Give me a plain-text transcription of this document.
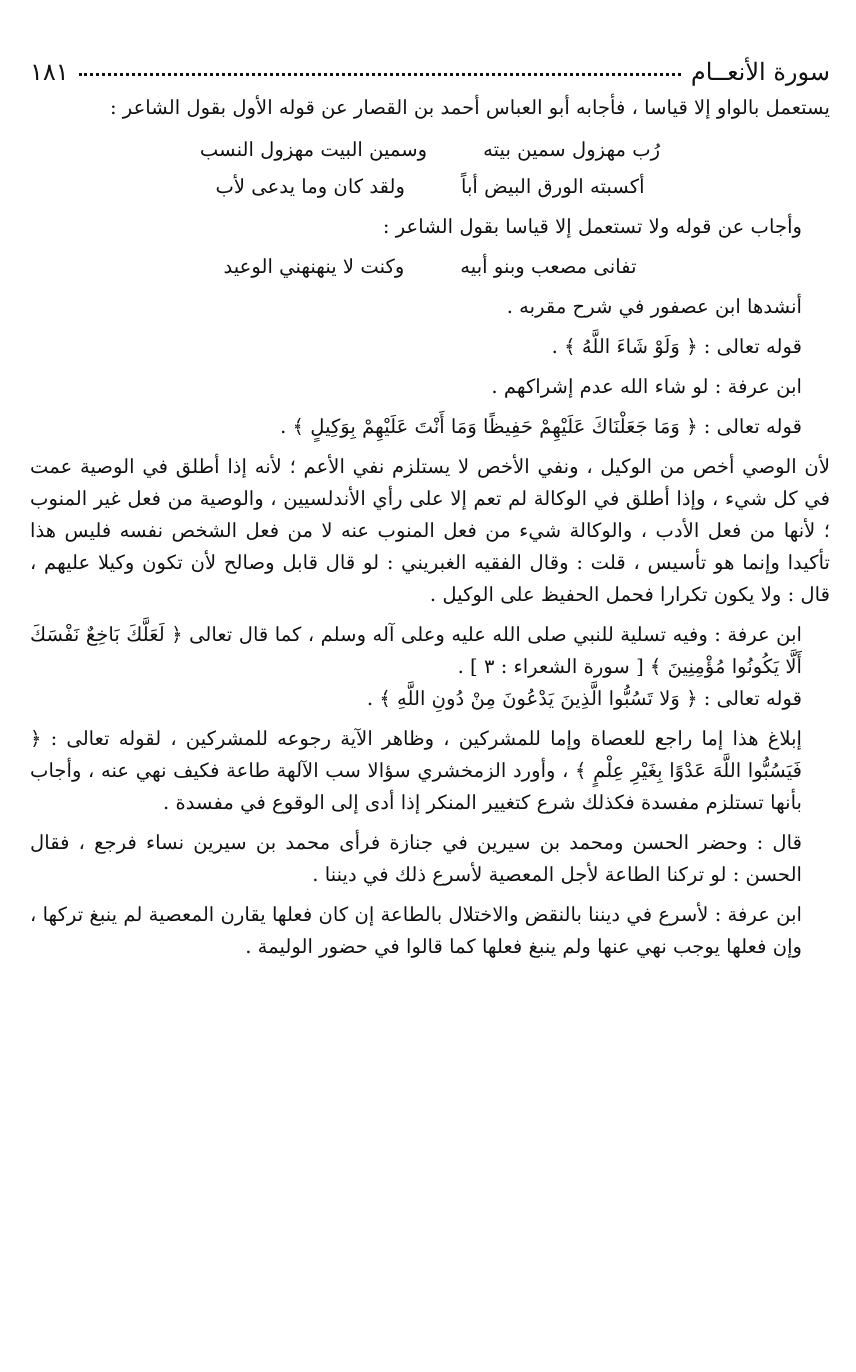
سورة الأنعــام
١٨١

يستعمل بالواو إلا قياسا ، فأجابه أبو العباس أحمد بن القصار عن قوله الأول بقول الشاعر :

رُب مهزول سمين بيته
وسمين البيت مهزول النسب
أكسبته الورق البيض أباً
ولقد كان وما يدعى لأب

وأجاب عن قوله ولا تستعمل إلا قياسا بقول الشاعر :

تفانى مصعب وبنو أبيه
وكنت لا ينهنهني الوعيد

أنشدها ابن عصفور في شرح مقربه .

قوله تعالى : ﴿ وَلَوْ شَاءَ اللَّهُ ﴾ .

ابن عرفة : لو شاء الله عدم إشراكهم .

قوله تعالى : ﴿ وَمَا جَعَلْنَاكَ عَلَيْهِمْ حَفِيظًا وَمَا أَنْتَ عَلَيْهِمْ بِوَكِيلٍ ﴾ .

لأن الوصي أخص من الوكيل ، ونفي الأخص لا يستلزم نفي الأعم ؛ لأنه إذا أطلق في الوصية عمت في كل شيء ، وإذا أطلق في الوكالة لم تعم إلا على رأي الأندلسيين ، والوصية من فعل غير المنوب ؛ لأنها من فعل الأدب ، والوكالة شيء من فعل المنوب عنه لا من فعل الشخص نفسه فليس هذا تأكيدا وإنما هو تأسيس ، قلت : وقال الفقيه الغبريني : لو قال قابل وصالح لأن تكون وكيلا عليهم ، قال : ولا يكون تكرارا فحمل الحفيظ على الوكيل .

ابن عرفة : وفيه تسلية للنبي صلى الله عليه وعلى آله وسلم ، كما قال تعالى ﴿ لَعَلَّكَ بَاخِعٌ نَفْسَكَ أَلَّا يَكُونُوا مُؤْمِنِينَ ﴾ [ سورة الشعراء : ٣ ] .

قوله تعالى : ﴿ وَلا تَسُبُّوا الَّذِينَ يَدْعُونَ مِنْ دُونِ اللَّهِ ﴾ .

إبلاغ هذا إما راجع للعصاة وإما للمشركين ، وظاهر الآية رجوعه للمشركين ، لقوله تعالى : ﴿ فَيَسُبُّوا اللَّهَ عَدْوًا بِغَيْرِ عِلْمٍ ﴾ ، وأورد الزمخشري سؤالا سب الآلهة طاعة فكيف نهي عنه ، وأجاب بأنها تستلزم مفسدة فكذلك شرع كتغيير المنكر إذا أدى إلى الوقوع في مفسدة .

قال : وحضر الحسن ومحمد بن سيرين في جنازة فرأى محمد بن سيرين نساء فرجع ، فقال الحسن : لو تركنا الطاعة لأجل المعصية لأسرع ذلك في ديننا .

ابن عرفة : لأسرع في ديننا بالنقض والاختلال بالطاعة إن كان فعلها يقارن المعصية لم ينبغ تركها ، وإن فعلها يوجب نهي عنها ولم ينبغ فعلها كما قالوا في حضور الوليمة .
